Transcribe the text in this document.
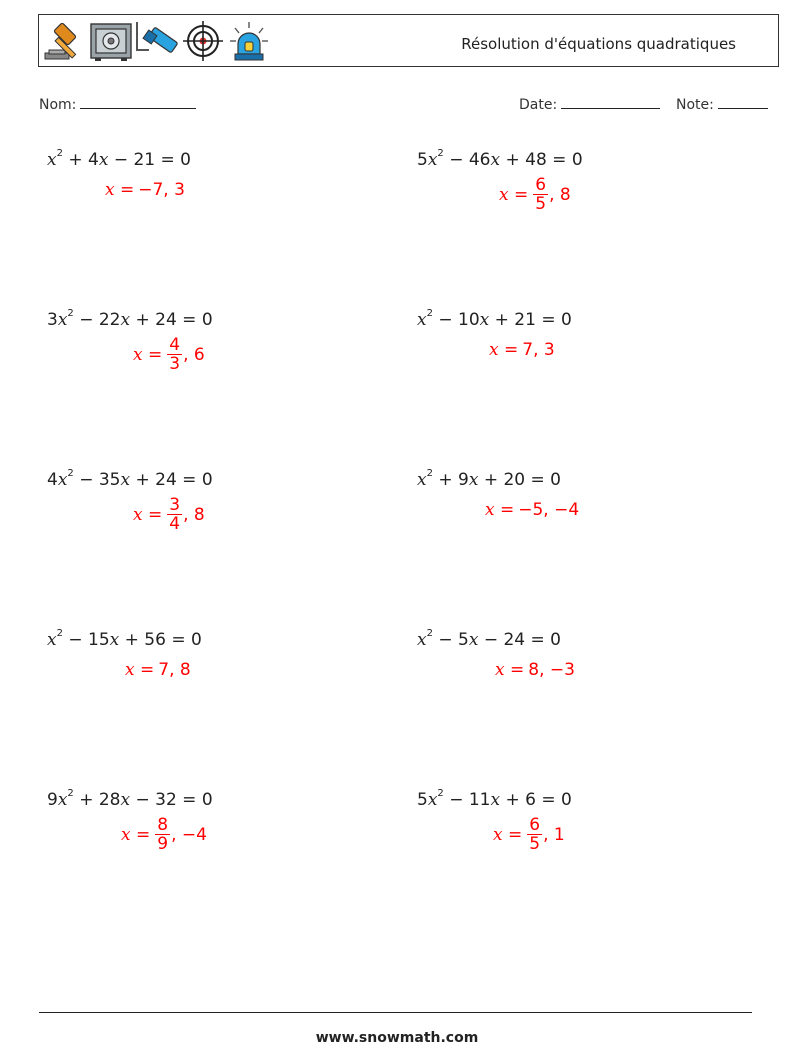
Résolution d'équations quadratiques
Nom:	Date:	Note:
$x^2 + 4x - 21 = 0$
x = −7, 3
$5x^2 - 46x + 48 = 0$
$x = \frac{6}{5}$ , 8
$3x^2 - 22x + 24 = 0$
$x = \frac{4}{3}$ , 6
$x^2 - 10x + 21 = 0$
x = 7, 3
$4x^2 - 35x + 24 = 0$
$x = \frac{3}{4}$ , 8
$x^2 + 9x + 20 = 0$
x = −5, −4
$x^2 - 15x + 56 = 0$
x = 7, 8
$x^2 - 5x - 24 = 0$
x = 8, −3
$9x^2 + 28x - 32 = 0$
$x = \frac{8}{9}$ , −4
$5x^2 - 11x + 6 = 0$
$x = \frac{6}{5}$ , 1
www.snowmath.com
